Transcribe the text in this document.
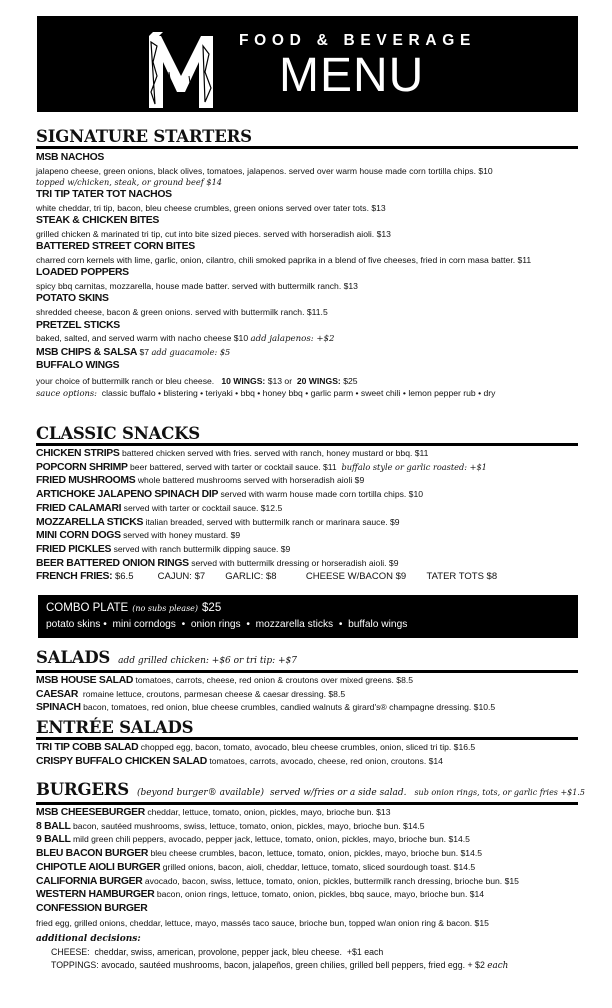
FOOD & BEVERAGE
MENU
SIGNATURE STARTERS
MSB NACHOS
jalapeno cheese, green onions, black olives, tomatoes, jalapenos. served over warm house made corn tortilla chips. $10
topped w/chicken, steak, or ground beef $14
TRI TIP TATER TOT NACHOS
white cheddar, tri tip, bacon, bleu cheese crumbles, green onions served over tater tots. $13
STEAK & CHICKEN BITES
grilled chicken & marinated tri tip, cut into bite sized pieces. served with horseradish aioli. $13
BATTERED STREET CORN BITES
charred corn kernels with lime, garlic, onion, cilantro, chili smoked paprika in a blend of five cheeses, fried in corn masa batter. $11
LOADED POPPERS
spicy bbq carnitas, mozzarella, house made batter. served with buttermilk ranch. $13
POTATO SKINS
shredded cheese, bacon & green onions. served with buttermilk ranch. $11.5
PRETZEL STICKS
baked, salted, and served warm with nacho cheese $10 add jalapenos: +$2
MSB CHIPS & SALSA $7 add guacamole: $5
BUFFALO WINGS
your choice of buttermilk ranch or bleu cheese. 10 WINGS: $13 or 20 WINGS: $25
sauce options: classic buffalo • blistering • teriyaki • bbq • honey bbq • garlic parm • sweet chili • lemon pepper rub • dry
CLASSIC SNACKS
CHICKEN STRIPS battered chicken served with fries. served with ranch, honey mustard or bbq. $11
POPCORN SHRIMP beer battered, served with tarter or cocktail sauce. $11 buffalo style or garlic roasted: +$1
FRIED MUSHROOMS whole battered mushrooms served with horseradish aioli $9
ARTICHOKE JALAPENO SPINACH DIP served with warm house made corn tortilla chips. $10
FRIED CALAMARI served with tarter or cocktail sauce. $12.5
MOZZARELLA STICKS italian breaded, served with buttermilk ranch or marinara sauce. $9
MINI CORN DOGS served with honey mustard. $9
FRIED PICKLES served with ranch buttermilk dipping sauce. $9
BEER BATTERED ONION RINGS served with buttermilk dressing or horseradish aioli. $9
FRENCH FRIES: $6.5	CAJUN: $7 GARLIC: $8	CHEESE W/BACON $9 TATER TOTS $8
COMBO PLATE (no subs please) $25
potato skins • mini corndogs • onion rings • mozzarella sticks • buffalo wings
SALADS add grilled chicken: +$6 or tri tip: +$7
MSB HOUSE SALAD tomatoes, carrots, cheese, red onion & croutons over mixed greens. $8.5
CAESAR romaine lettuce, croutons, parmesan cheese & caesar dressing. $8.5
SPINACH bacon, tomatoes, red onion, blue cheese crumbles, candied walnuts & girard's® champagne dressing. $10.5
ENTRÉE SALADS
TRI TIP COBB SALAD chopped egg, bacon, tomato, avocado, bleu cheese crumbles, onion, sliced tri tip. $16.5
CRISPY BUFFALO CHICKEN SALAD tomatoes, carrots, avocado, cheese, red onion, croutons. $14
BURGERS (beyond burger® available) served w/fries or a side salad. sub onion rings, tots, or garlic fries +$1.5
MSB CHEESEBURGER cheddar, lettuce, tomato, onion, pickles, mayo, brioche bun. $13
8 BALL bacon, sautéed mushrooms, swiss, lettuce, tomato, onion, pickles, mayo, brioche bun. $14.5
9 BALL mild green chili peppers, avocado, pepper jack, lettuce, tomato, onion, pickles, mayo, brioche bun. $14.5
BLEU BACON BURGER bleu cheese crumbles, bacon, lettuce, tomato, onion, pickles, mayo, brioche bun. $14.5
CHIPOTLE AIOLI BURGER grilled onions, bacon, aioli, cheddar, lettuce, tomato, sliced sourdough toast. $14.5
CALIFORNIA BURGER avocado, bacon, swiss, lettuce, tomato, onion, pickles, buttermilk ranch dressing, brioche bun. $15
WESTERN HAMBURGER bacon, onion rings, lettuce, tomato, onion, pickles, bbq sauce, mayo, brioche bun. $14
CONFESSION BURGER
fried egg, grilled onions, cheddar, lettuce, mayo, massés taco sauce, brioche bun, topped w/an onion ring & bacon. $15
additional decisions:
CHEESE: cheddar, swiss, american, provolone, pepper jack, bleu cheese. +$1 each
TOPPINGS: avocado, sautéed mushrooms, bacon, jalapeños, green chilies, grilled bell peppers, fried egg. + $2 each
